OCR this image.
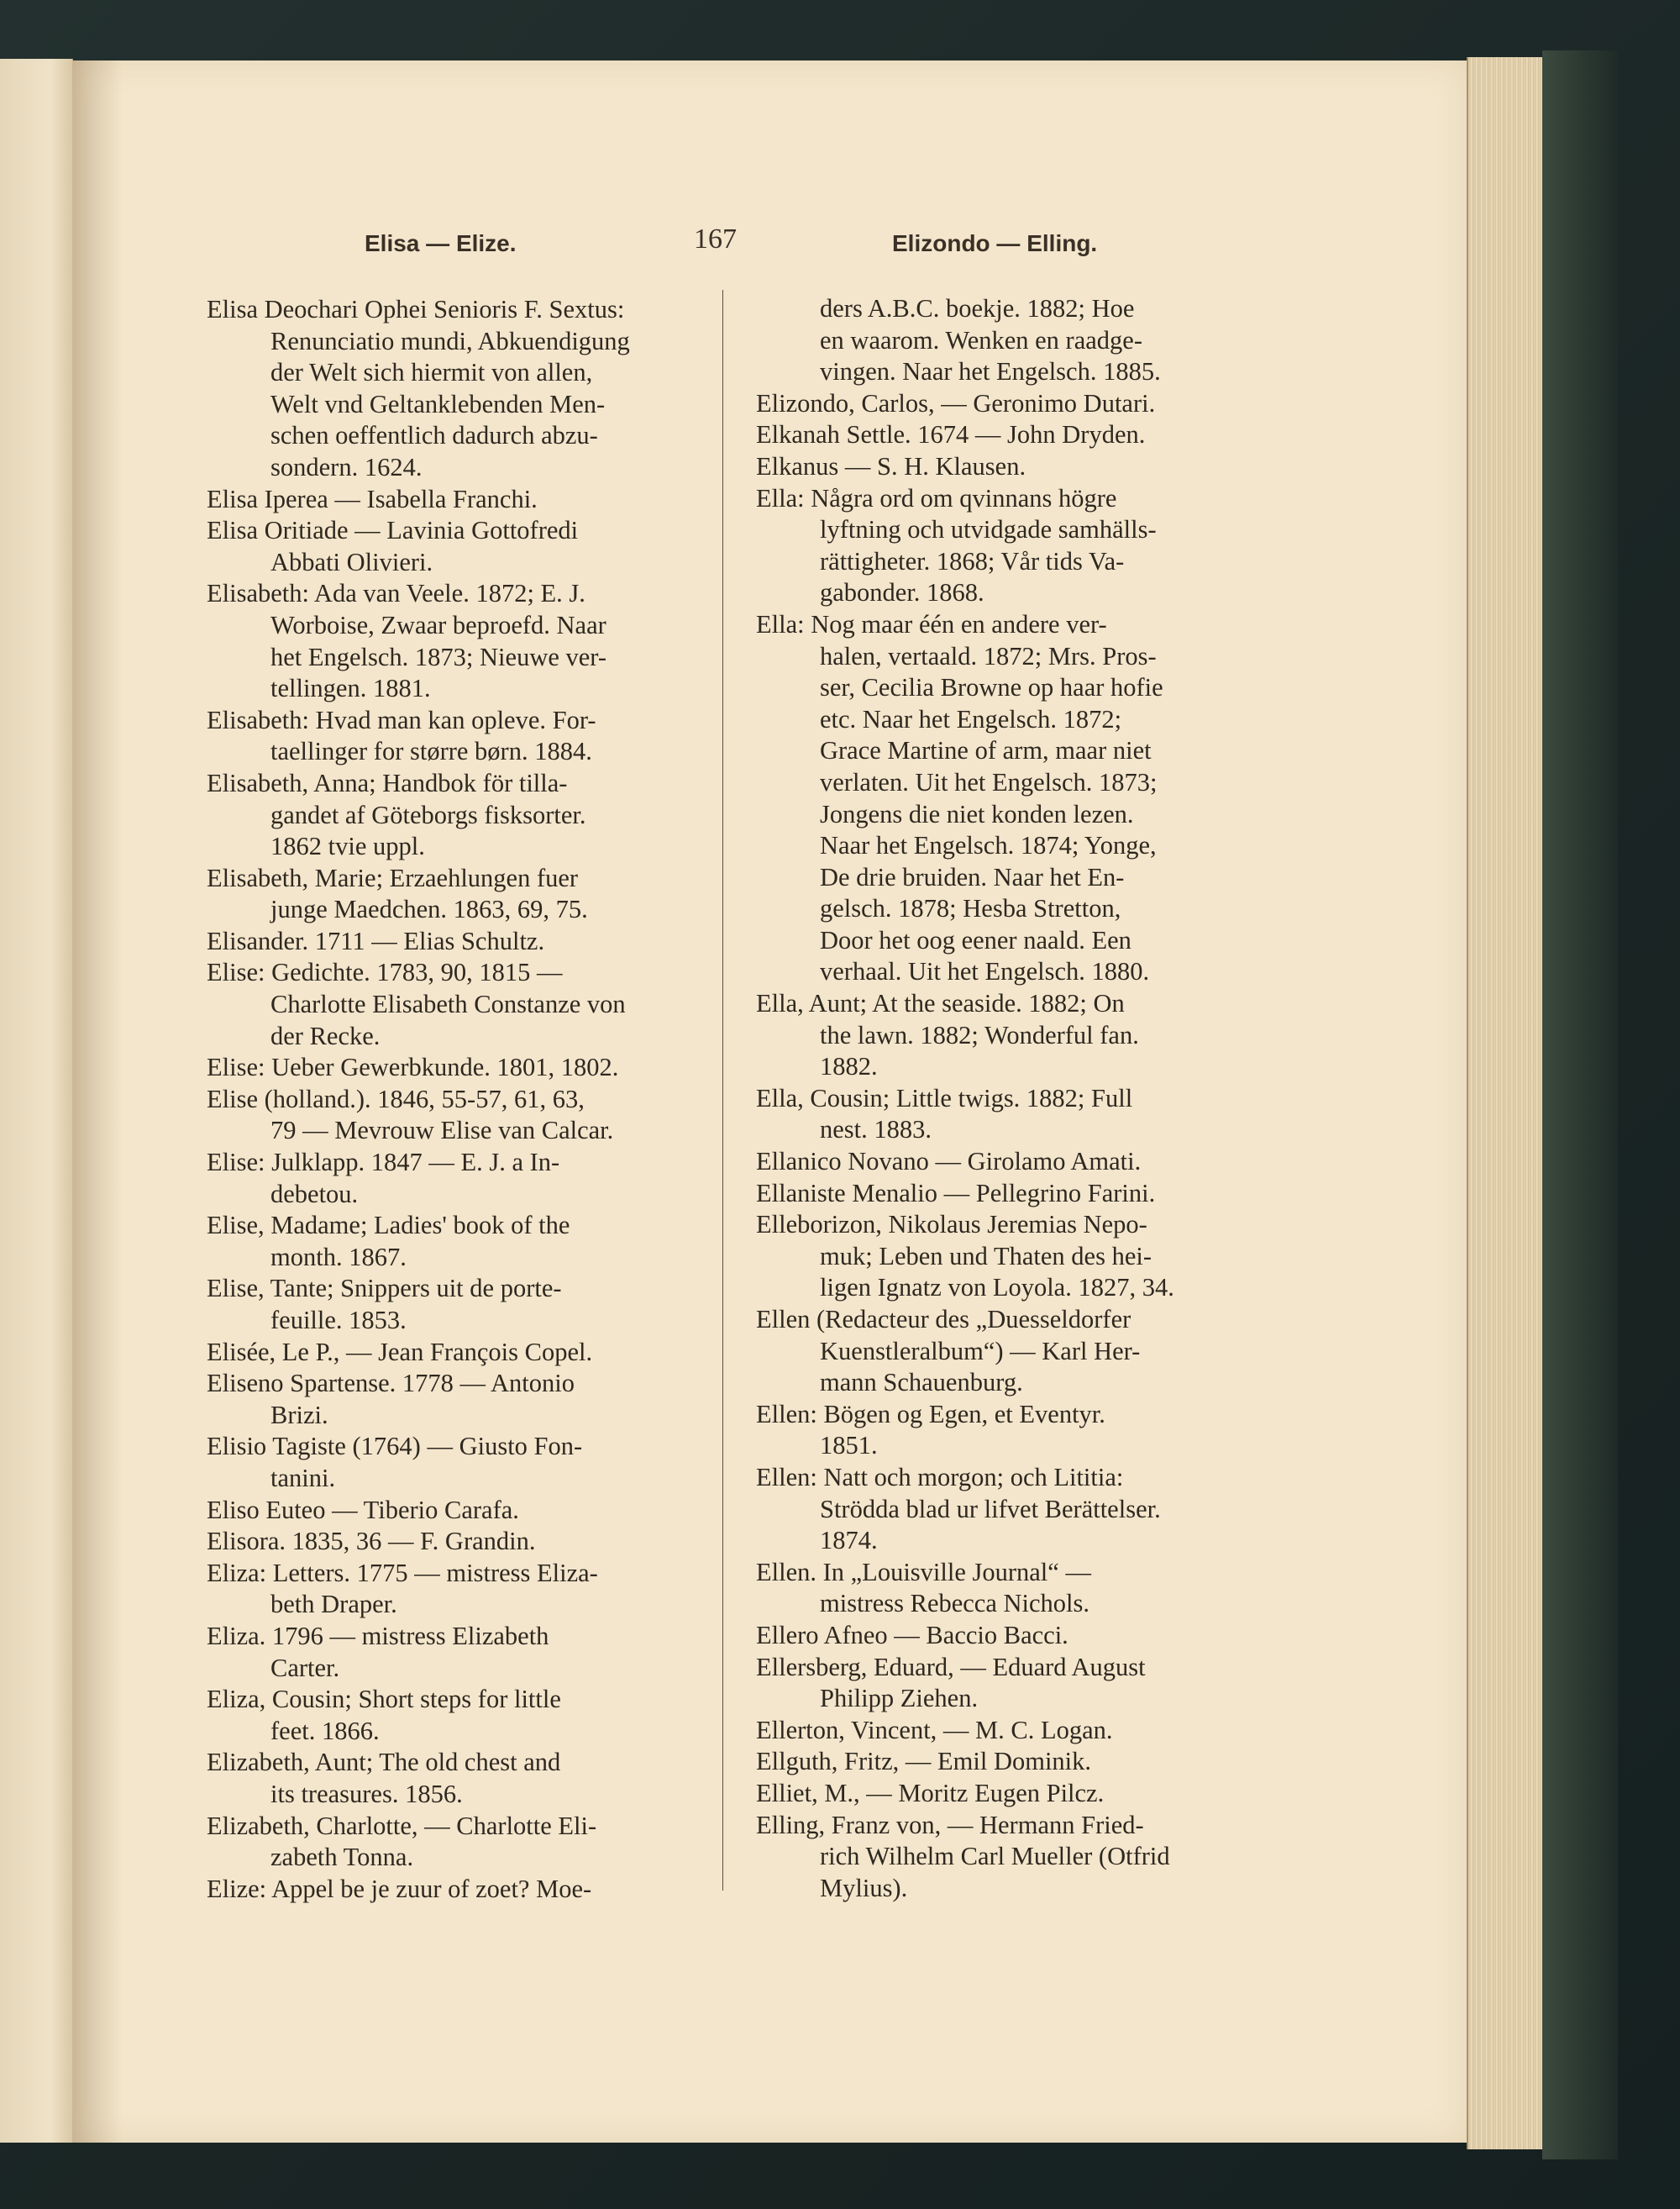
Elisa — Elize.	167	Elizondo — Elling.
Elisa Deochari Ophei Senioris F. Sextus:
Renunciatio mundi, Abkuendigung
der Welt sich hiermit von allen,
Welt vnd Geltanklebenden Men-
schen oeffentlich dadurch abzu-
sondern. 1624.
Elisa Iperea — Isabella Franchi.
Elisa Oritiade — Lavinia Gottofredi
Abbati Olivieri.
Elisabeth: Ada van Veele. 1872; E. J.
Worboise, Zwaar beproefd. Naar
het Engelsch. 1873; Nieuwe ver-
tellingen. 1881.
Elisabeth: Hvad man kan opleve. For-
taellinger for større børn. 1884.
Elisabeth, Anna; Handbok för tilla-
gandet af Göteborgs fisksorter.
1862 tvie uppl.
Elisabeth, Marie; Erzaehlungen fuer
junge Maedchen. 1863, 69, 75.
Elisander. 1711 — Elias Schultz.
Elise: Gedichte. 1783, 90, 1815 —
Charlotte Elisabeth Constanze von
der Recke.
Elise: Ueber Gewerbkunde. 1801, 1802.
Elise (holland.). 1846, 55-57, 61, 63,
79 — Mevrouw Elise van Calcar.
Elise: Julklapp. 1847 — E. J. a In-
debetou.
Elise, Madame; Ladies' book of the
month. 1867.
Elise, Tante; Snippers uit de porte-
feuille. 1853.
Elisée, Le P., — Jean François Copel.
Eliseno Spartense. 1778 — Antonio
Brizi.
Elisio Tagiste (1764) — Giusto Fon-
tanini.
Eliso Euteo — Tiberio Carafa.
Elisora. 1835, 36 — F. Grandin.
Eliza: Letters. 1775 — mistress Eliza-
beth Draper.
Eliza. 1796 — mistress Elizabeth
Carter.
Eliza, Cousin; Short steps for little
feet. 1866.
Elizabeth, Aunt; The old chest and
its treasures. 1856.
Elizabeth, Charlotte, — Charlotte Eli-
zabeth Tonna.
Elize: Appel be je zuur of zoet? Moe-
ders A.B.C. boekje. 1882; Hoe
en waarom. Wenken en raadge-
vingen. Naar het Engelsch. 1885.
Elizondo, Carlos, — Geronimo Dutari.
Elkanah Settle. 1674 — John Dryden.
Elkanus — S. H. Klausen.
Ella: Några ord om qvinnans högre
lyftning och utvidgade samhälls-
rättigheter. 1868; Vår tids Va-
gabonder. 1868.
Ella: Nog maar één en andere ver-
halen, vertaald. 1872; Mrs. Pros-
ser, Cecilia Browne op haar hofie
etc. Naar het Engelsch. 1872;
Grace Martine of arm, maar niet
verlaten. Uit het Engelsch. 1873;
Jongens die niet konden lezen.
Naar het Engelsch. 1874; Yonge,
De drie bruiden. Naar het En-
gelsch. 1878; Hesba Stretton,
Door het oog eener naald. Een
verhaal. Uit het Engelsch. 1880.
Ella, Aunt; At the seaside. 1882; On
the lawn. 1882; Wonderful fan.
1882.
Ella, Cousin; Little twigs. 1882; Full
nest. 1883.
Ellanico Novano — Girolamo Amati.
Ellaniste Menalio — Pellegrino Farini.
Elleborizon, Nikolaus Jeremias Nepo-
muk; Leben und Thaten des hei-
ligen Ignatz von Loyola. 1827, 34.
Ellen (Redacteur des „Duesseldorfer
Kuenstleralbum“) — Karl Her-
mann Schauenburg.
Ellen: Bögen og Egen, et Eventyr.
1851.
Ellen: Natt och morgon; och Lititia:
Strödda blad ur lifvet Berättelser.
1874.
Ellen. In „Louisville Journal“ —
mistress Rebecca Nichols.
Ellero Afneo — Baccio Bacci.
Ellersberg, Eduard, — Eduard August
Philipp Ziehen.
Ellerton, Vincent, — M. C. Logan.
Ellguth, Fritz, — Emil Dominik.
Elliet, M., — Moritz Eugen Pilcz.
Elling, Franz von, — Hermann Fried-
rich Wilhelm Carl Mueller (Otfrid
Mylius).
